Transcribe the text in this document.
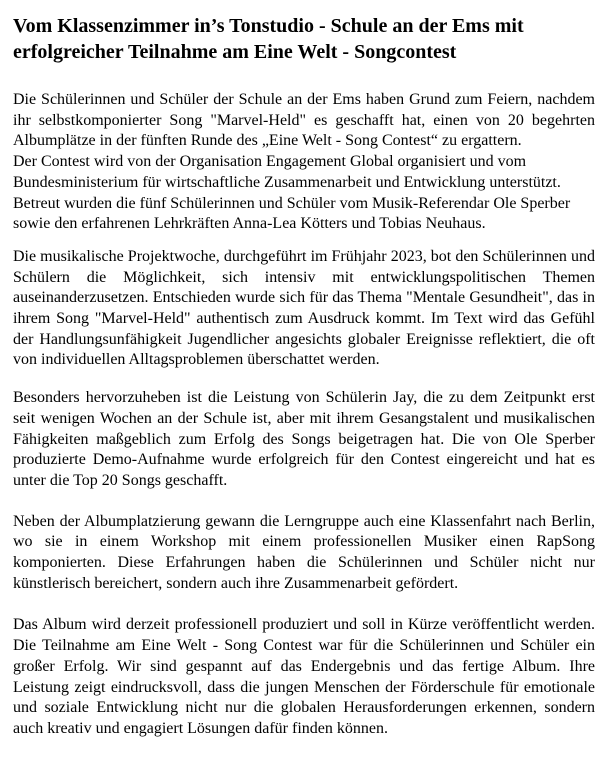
Vom Klassenzimmer in’s Tonstudio - Schule an der Ems mit erfolgreicher Teilnahme am Eine Welt - Songcontest

Die Schülerinnen und Schüler der Schule an der Ems haben Grund zum Feiern, nachdem ihr selbstkomponierter Song "Marvel-Held" es geschafft hat, einen von 20 begehrten Albumplätze in der fünften Runde des „Eine Welt - Song Contest“ zu ergattern.

Der Contest wird von der Organisation Engagement Global organisiert und vom Bundesministerium für wirtschaftliche Zusammenarbeit und Entwicklung unterstützt.

Betreut wurden die fünf Schülerinnen und Schüler vom Musik-Referendar Ole Sperber sowie den erfahrenen Lehrkräften Anna-Lea Kötters und Tobias Neuhaus.

Die musikalische Projektwoche, durchgeführt im Frühjahr 2023, bot den Schülerinnen und Schülern die Möglichkeit, sich intensiv mit entwicklungspolitischen Themen auseinanderzusetzen. Entschieden wurde sich für das Thema "Mentale Gesundheit", das in ihrem Song "Marvel-Held" authentisch zum Ausdruck kommt. Im Text wird das Gefühl der Handlungsunfähigkeit Jugendlicher angesichts globaler Ereignisse reflektiert, die oft von individuellen Alltagsproblemen überschattet werden.

Besonders hervorzuheben ist die Leistung von Schülerin Jay, die zu dem Zeitpunkt erst seit wenigen Wochen an der Schule ist, aber mit ihrem Gesangstalent und musikalischen Fähigkeiten maßgeblich zum Erfolg des Songs beigetragen hat. Die von Ole Sperber produzierte Demo-Aufnahme wurde erfolgreich für den Contest eingereicht und hat es unter die Top 20 Songs geschafft.

Neben der Albumplatzierung gewann die Lerngruppe auch eine Klassenfahrt nach Berlin, wo sie in einem Workshop mit einem professionellen Musiker einen RapSong komponierten. Diese Erfahrungen haben die Schülerinnen und Schüler nicht nur künstlerisch bereichert, sondern auch ihre Zusammenarbeit gefördert.

Das Album wird derzeit professionell produziert und soll in Kürze veröffentlicht werden. Die Teilnahme am Eine Welt - Song Contest war für die Schülerinnen und Schüler ein großer Erfolg. Wir sind gespannt auf das Endergebnis und das fertige Album. Ihre Leistung zeigt eindrucksvoll, dass die jungen Menschen der Förderschule für emotionale und soziale Entwicklung nicht nur die globalen Herausforderungen erkennen, sondern auch kreativ und engagiert Lösungen dafür finden können.
